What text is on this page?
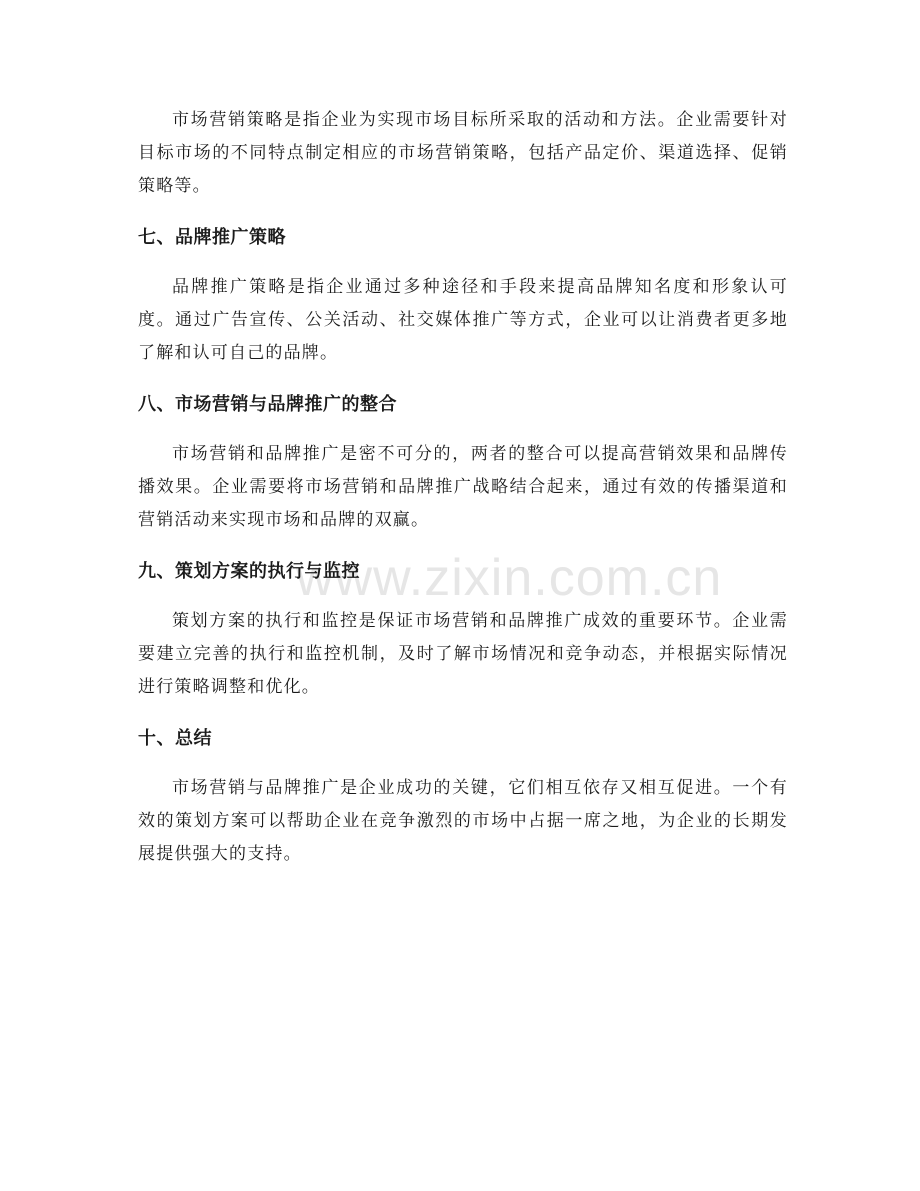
www.zixin.com.cn

市场营销策略是指企业为实现市场目标所采取的活动和方法。企业需要针对目标市场的不同特点制定相应的市场营销策略，包括产品定价、渠道选择、促销策略等。

七、品牌推广策略

品牌推广策略是指企业通过多种途径和手段来提高品牌知名度和形象认可度。通过广告宣传、公关活动、社交媒体推广等方式，企业可以让消费者更多地了解和认可自己的品牌。

八、市场营销与品牌推广的整合

市场营销和品牌推广是密不可分的，两者的整合可以提高营销效果和品牌传播效果。企业需要将市场营销和品牌推广战略结合起来，通过有效的传播渠道和营销活动来实现市场和品牌的双赢。

九、策划方案的执行与监控

策划方案的执行和监控是保证市场营销和品牌推广成效的重要环节。企业需要建立完善的执行和监控机制，及时了解市场情况和竞争动态，并根据实际情况进行策略调整和优化。

十、总结

市场营销与品牌推广是企业成功的关键，它们相互依存又相互促进。一个有效的策划方案可以帮助企业在竞争激烈的市场中占据一席之地，为企业的长期发展提供强大的支持。
